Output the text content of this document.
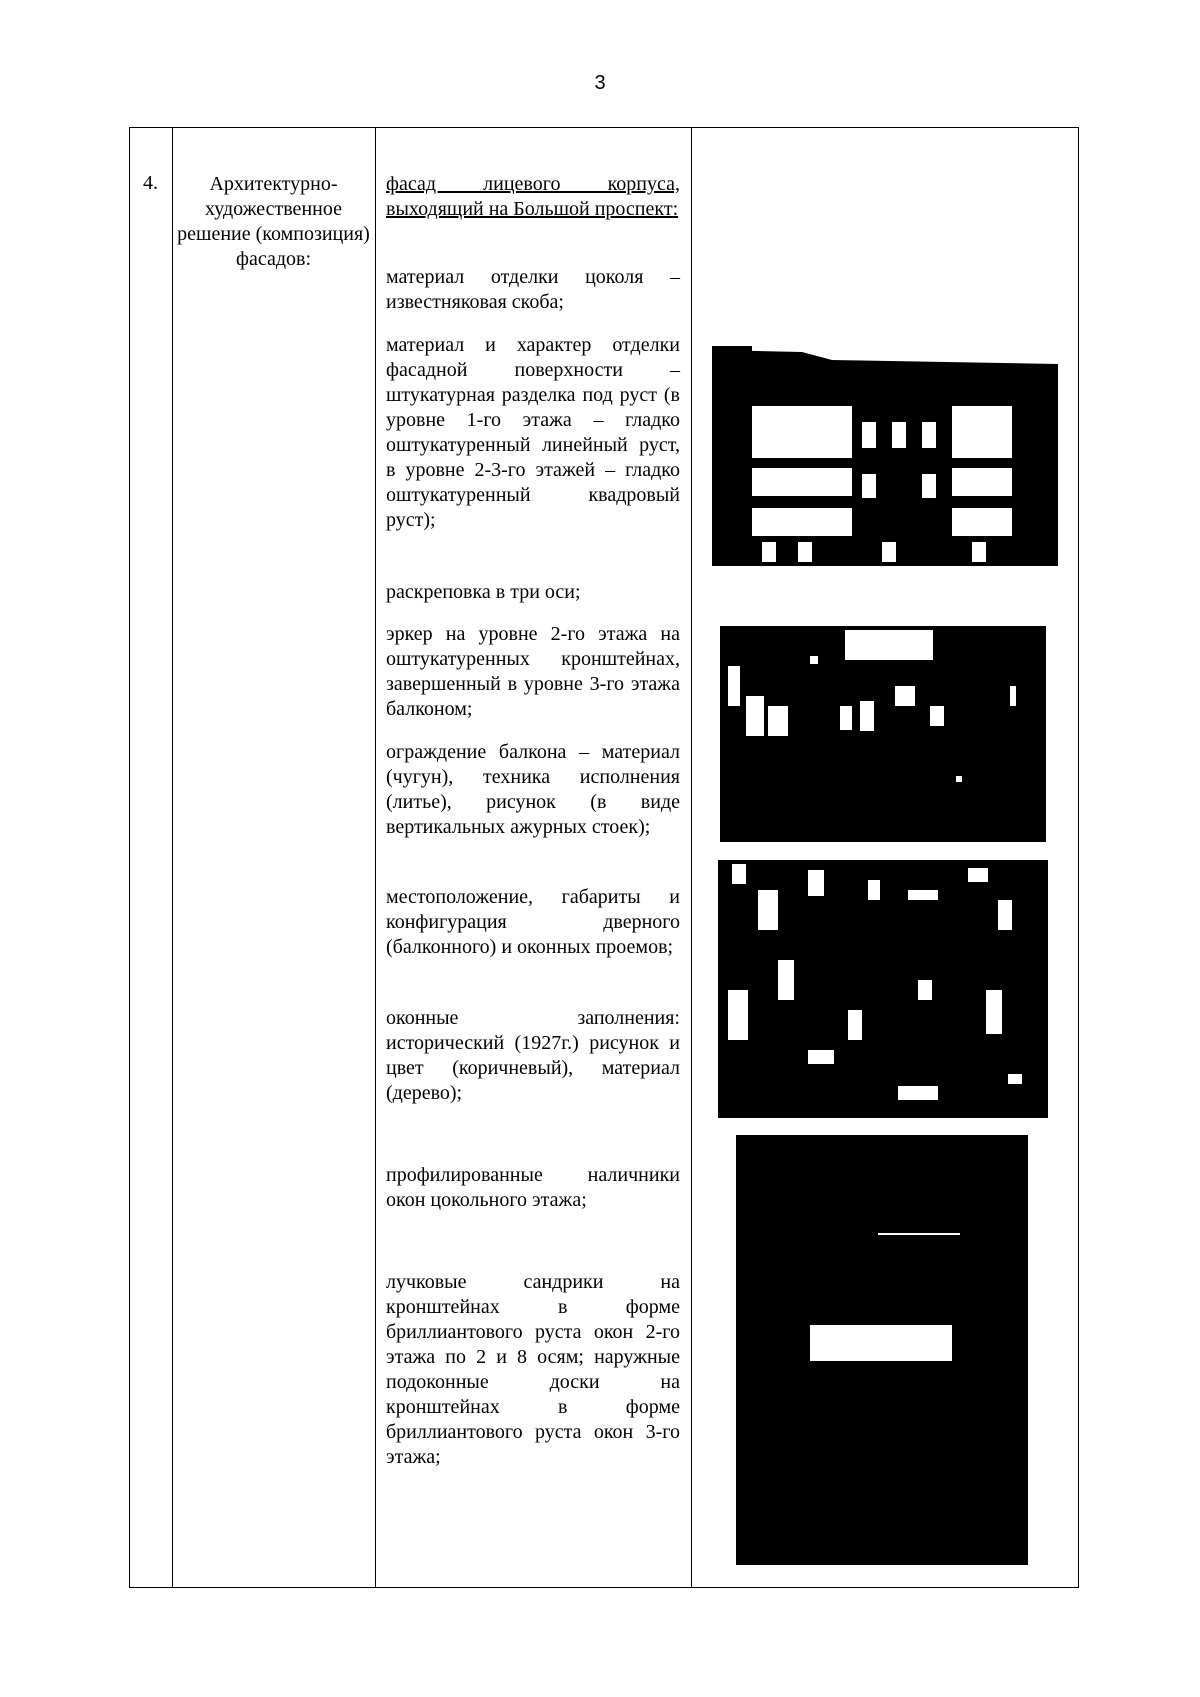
3
4.	Архитектурно-художественное решение (композиция) фасадов:
фасад лицевого корпуса, выходящий на Большой проспект:
материал отделки цоколя – известняковая скоба;
материал и характер отделки фасадной поверхности – штукатурная разделка под руст (в уровне 1-го этажа – гладко оштукатуренный линейный руст, в уровне 2-3-го этажей – гладко оштукатуренный квадровый руст);
раскреповка в три оси;
эркер на уровне 2-го этажа на оштукатуренных кронштейнах, завершенный в уровне 3-го этажа балконом;
ограждение балкона – материал (чугун), техника исполнения (литье), рисунок (в виде вертикальных ажурных стоек);
местоположение, габариты и конфигурация дверного (балконного) и оконных проемов;
оконные заполнения: исторический (1927г.) рисунок и цвет (коричневый), материал (дерево);
профилированные наличники окон цокольного этажа;
лучковые сандрики на кронштейнах в форме бриллиантового руста окон 2-го этажа по 2 и 8 осям; наружные подоконные доски на кронштейнах в форме бриллиантового руста окон 3-го этажа;
